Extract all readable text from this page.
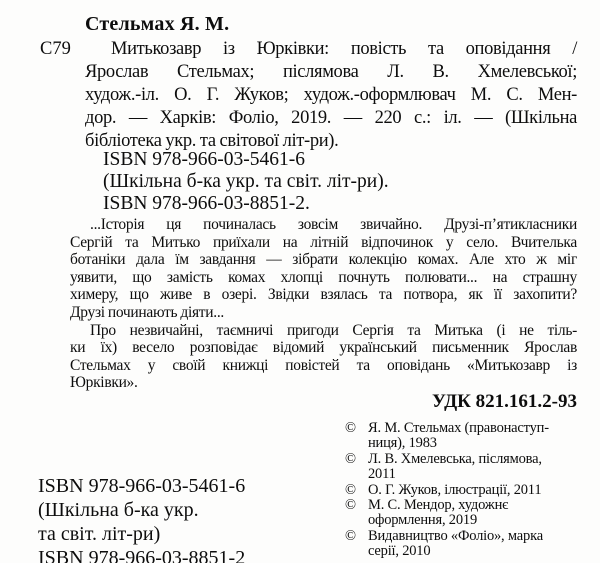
Стельмах Я. М.
С79	Митькозавр із Юрківки: повість та оповідання /
Ярослав Стельмах; післямова Л. В. Хмелевської;
худож.-іл. О. Г. Жуков; худож.-оформлювач М. С. Мен-
дор. — Харків: Фоліо, 2019. — 220 с.: іл. — (Шкільна
бібліотека укр. та світової літ-ри).
ISBN 978-966-03-5461-6
(Шкільна б-ка укр. та світ. літ-ри).
ISBN 978-966-03-8851-2.
...Історія ця починалась зовсім звичайно. Друзі-п’ятикласники
Сергій та Митько приїхали на літній відпочинок у село. Вчителька
ботаніки дала їм завдання — зібрати колекцію комах. Але хто ж міг
уявити, що замість комах хлопці почнуть полювати... на страшну
химеру, що живе в озері. Звідки взялась та потвора, як її захопити?
Друзі починають діяти...
Про незвичайні, таємничі пригоди Сергія та Митька (і не тіль-
ки їх) весело розповідає відомий український письменник Ярослав
Стельмах у своїй книжці повістей та оповідань «Митькозавр із
Юрківки».
УДК 821.161.2-93
ISBN 978-966-03-5461-6
(Шкільна б-ка укр.
та світ. літ-ри)
ISBN 978-966-03-8851-2
© Я. М. Стельмах (правонаступ-
ниця), 1983
© Л. В. Хмелевська, післямова,
2011
© О. Г. Жуков, ілюстрації, 2011
© М. С. Мендор, художнє
оформлення, 2019
© Видавництво «Фоліо», марка
серії, 2010
